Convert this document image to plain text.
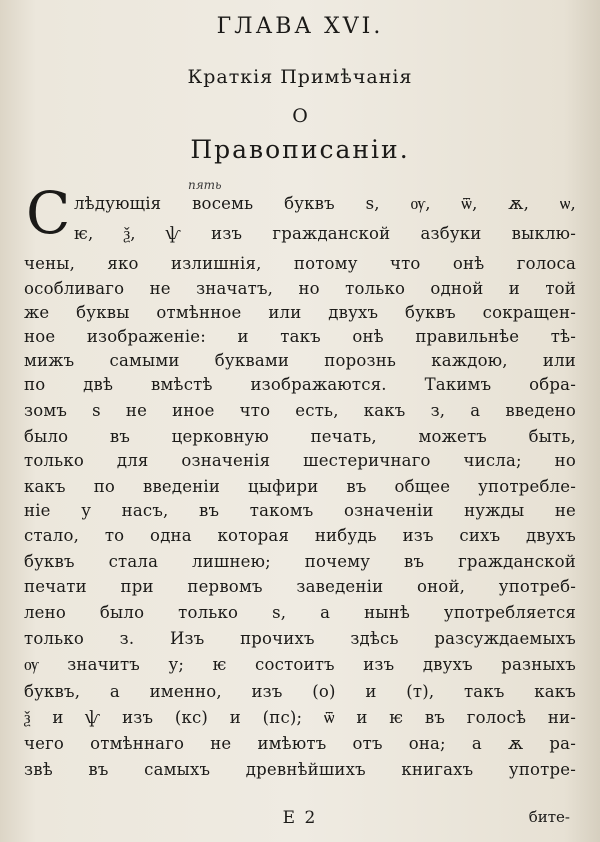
ГЛАВА XVI.
Краткія Примѣчанія
О
Правописаніи.
С	пять
лѣдующія восемь буквъ ѕ, ѹ, ѿ, ѫ, ѡ,
ѥ, ѯ, ѱ изъ гражданской азбуки выклю-
чены, яко излишнія, потому что онѣ голоса
особливаго не значатъ, но только одной и той
же буквы отмѣнное или двухъ буквъ сокращен-
ное изображеніе: и такъ онѣ правильнѣе тѣ-
мижъ самыми буквами порознь каждою, или
по двѣ вмѣстѣ изображаются. Такимъ обра-
зомъ ѕ не иное что есть, какъ з, а введено
было въ церковную печать, можетъ быть,
только для означенія шестеричнаго числа; но
какъ по введеніи цыфири въ общее употребле-
ніе у насъ, въ такомъ означеніи нужды не
стало, то одна которая нибудь изъ сихъ двухъ
буквъ стала лишнею; почему въ гражданской
печати при первомъ заведеніи оной, употреб-
лено было только ѕ, а нынѣ употребляется
только з. Изъ прочихъ здѣсь разсуждаемыхъ
ѹ значитъ у; ѥ состоитъ изъ двухъ разныхъ
буквъ, а именно, изъ (о) и (т), такъ какъ
ѯ и ѱ изъ (кс) и (пс); ѿ и ѥ въ голосѣ ни-
чего отмѣннаго не имѣютъ отъ она; а ѫ ра-
звѣ въ самыхъ древнѣйшихъ книгахъ употре-
Е 2	бите-
